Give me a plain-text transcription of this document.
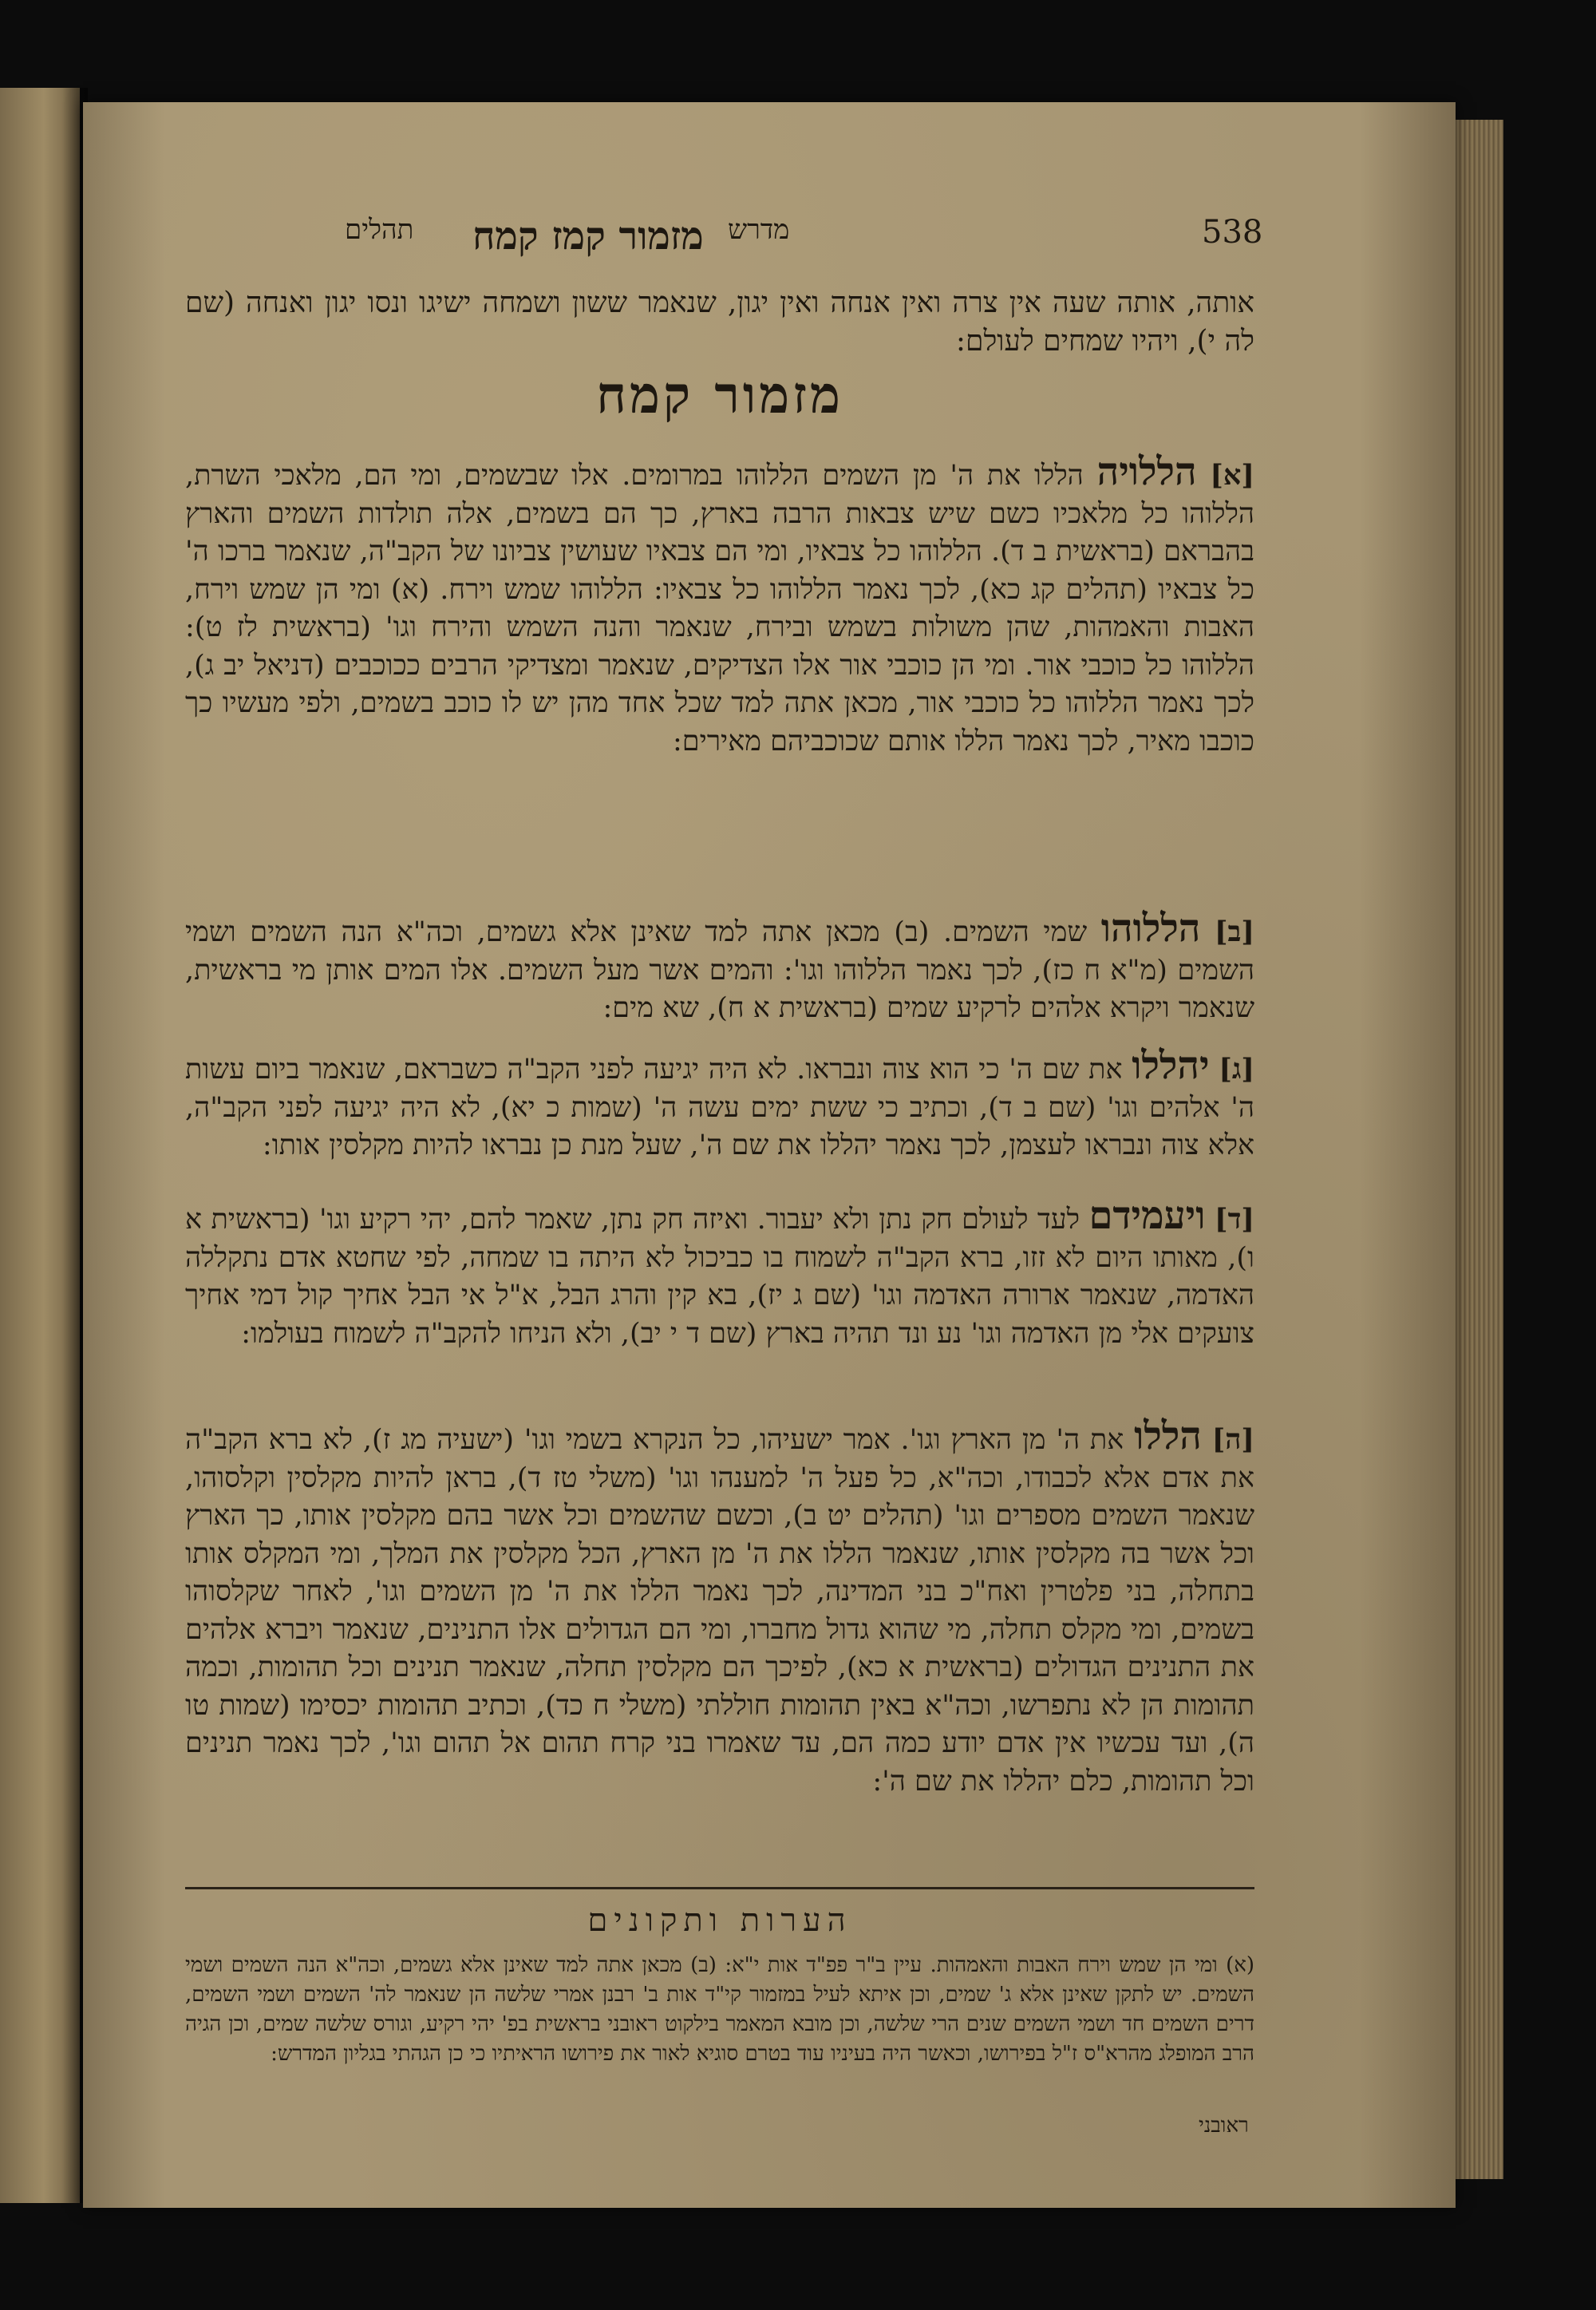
538
מדרש
מזמור קמז קמח
תהלים
אותה, אותה שעה אין צרה ואין אנחה ואין יגון, שנאמר ששון ושמחה ישיגו ונסו יגון ואנחה (שם לה י), ויהיו שמחים לעולם:
מזמור קמח
[א] הללויה הללו את ה' מן השמים הללוהו במרומים. אלו שבשמים, ומי הם, מלאכי השרת, הללוהו כל מלאכיו כשם שיש צבאות הרבה בארץ, כך הם בשמים, אלה תולדות השמים והארץ בהבראם (בראשית ב ד). הללוהו כל צבאיו, ומי הם צבאיו שעושין צביונו של הקב"ה, שנאמר ברכו ה' כל צבאיו (תהלים קג כא), לכך נאמר הללוהו כל צבאיו: הללוהו שמש וירח. (א) ומי הן שמש וירח, האבות והאמהות, שהן משולות בשמש ובירח, שנאמר והנה השמש והירח וגו' (בראשית לז ט): הללוהו כל כוכבי אור. ומי הן כוכבי אור אלו הצדיקים, שנאמר ומצדיקי הרבים ככוכבים (דניאל יב ג), לכך נאמר הללוהו כל כוכבי אור, מכאן אתה למד שכל אחד מהן יש לו כוכב בשמים, ולפי מעשיו כך כוכבו מאיר, לכך נאמר הללו אותם שכוכביהם מאירים:
[ב] הללוהו שמי השמים. (ב) מכאן אתה למד שאינן אלא גשמים, וכה"א הנה השמים ושמי השמים (מ"א ח כז), לכך נאמר הללוהו וגו': והמים אשר מעל השמים. אלו המים אותן מי בראשית, שנאמר ויקרא אלהים לרקיע שמים (בראשית א ח), שא מים:
[ג] יהללו את שם ה' כי הוא צוה ונבראו. לא היה יגיעה לפני הקב"ה כשבראם, שנאמר ביום עשות ה' אלהים וגו' (שם ב ד), וכתיב כי ששת ימים עשה ה' (שמות כ יא), לא היה יגיעה לפני הקב"ה, אלא צוה ונבראו לעצמן, לכך נאמר יהללו את שם ה', שעל מנת כן נבראו להיות מקלסין אותו:
[ד] ויעמידם לעד לעולם חק נתן ולא יעבור. ואיזה חק נתן, שאמר להם, יהי רקיע וגו' (בראשית א ו), מאותו היום לא זזו, ברא הקב"ה לשמוח בו כביכול לא היתה בו שמחה, לפי שחטא אדם נתקללה האדמה, שנאמר ארורה האדמה וגו' (שם ג יז), בא קין והרג הבל, א"ל אי הבל אחיך קול דמי אחיך צועקים אלי מן האדמה וגו' נע ונד תהיה בארץ (שם ד י יב), ולא הניחו להקב"ה לשמוח בעולמו:
[ה] הללו את ה' מן הארץ וגו'. אמר ישעיהו, כל הנקרא בשמי וגו' (ישעיה מג ז), לא ברא הקב"ה את אדם אלא לכבודו, וכה"א, כל פעל ה' למענהו וגו' (משלי טז ד), בראן להיות מקלסין וקלסוהו, שנאמר השמים מספרים וגו' (תהלים יט ב), וכשם שהשמים וכל אשר בהם מקלסין אותו, כך הארץ וכל אשר בה מקלסין אותו, שנאמר הללו את ה' מן הארץ, הכל מקלסין את המלך, ומי המקלס אותו בתחלה, בני פלטרין ואח"כ בני המדינה, לכך נאמר הללו את ה' מן השמים וגו', לאחר שקלסוהו בשמים, ומי מקלס תחלה, מי שהוא גדול מחברו, ומי הם הגדולים אלו התנינים, שנאמר ויברא אלהים את התנינים הגדולים (בראשית א כא), לפיכך הם מקלסין תחלה, שנאמר תנינים וכל תהומות, וכמה תהומות הן לא נתפרשו, וכה"א באין תהומות חוללתי (משלי ח כד), וכתיב תהומות יכסימו (שמות טו ה), ועד עכשיו אין אדם יודע כמה הם, עד שאמרו בני קרח תהום אל תהום וגו', לכך נאמר תנינים וכל תהומות, כלם יהללו את שם ה':
הערות ותקונים
(א) ומי הן שמש וירח האבות והאמהות. עיין ב"ר פפ"ד אות י"א: (ב) מכאן אתה למד שאינן אלא גשמים, וכה"א הנה השמים ושמי השמים. יש לתקן שאינן אלא ג' שמים, וכן איתא לעיל במזמור קי"ד אות ב' רבנן אמרי שלשה הן שנאמר לה' השמים ושמי השמים, דרים השמים חד ושמי השמים שנים הרי שלשה, וכן מובא המאמר בילקוט ראובני בראשית בפ' יהי רקיע, וגורס שלשה שמים, וכן הגיה הרב המופלג מהרא"ס ז"ל בפירושו, וכאשר היה בעיניו עוד בטרם סוגיא לאור את פירושו הראיתיו כי כן הגהתי בגליון המדרש:
ראובני
